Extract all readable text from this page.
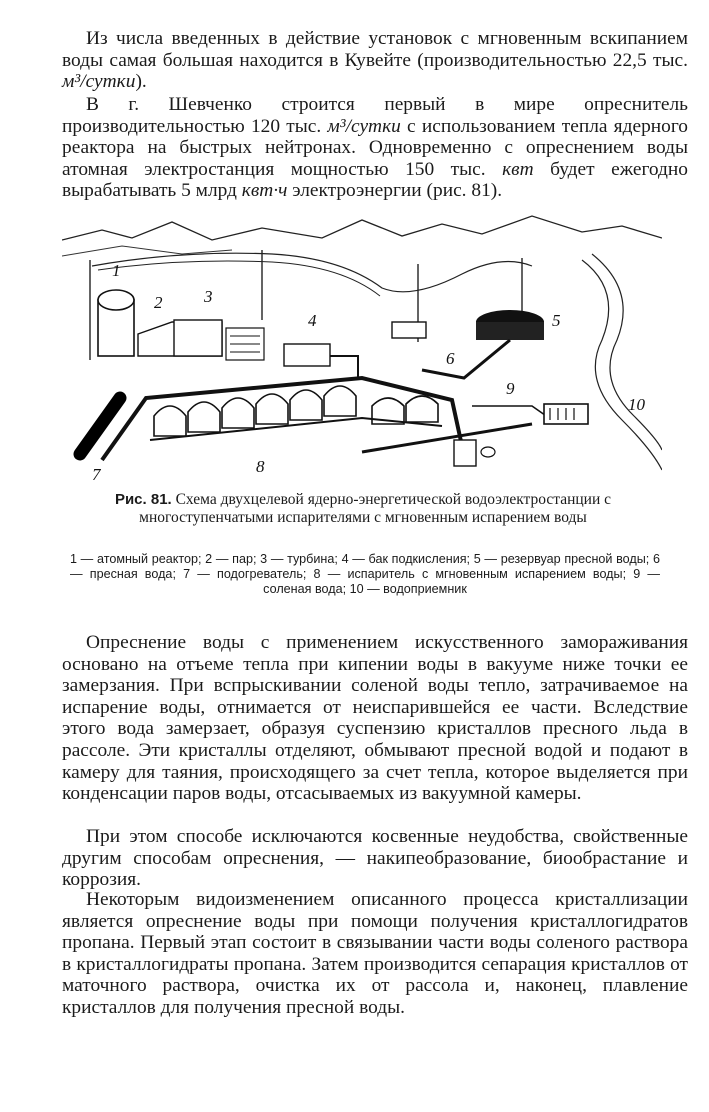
Из числа введенных в действие установок с мгновенным вскипанием воды самая большая находится в Кувейте (производительностью 22,5 тыс. м³/сутки).

В г. Шевченко строится первый в мире опреснитель производительностью 120 тыс. м³/сутки с использованием тепла ядерного реактора на быстрых нейтронах. Одновременно с опреснением воды атомная электростанция мощностью 150 тыс. квт будет ежегодно вырабатывать 5 млрд квт·ч электроэнергии (рис. 81).

1
2 3
4	5
6
7	8
9
10

Рис. 81. Схема двухцелевой ядерно-энергетической водоэлектростанции с многоступенчатыми испарителями с мгновенным испарением воды

1 — атомный реактор; 2 — пар; 3 — турбина; 4 — бак подкисления; 5 — резервуар пресной воды; 6 — пресная вода; 7 — подогреватель; 8 — испаритель с мгновенным испарением воды; 9 — соленая вода; 10 — водоприемник

Опреснение воды с применением искусственного замораживания основано на отъеме тепла при кипении воды в вакууме ниже точки ее замерзания. При вспрыскивании соленой воды тепло, затрачиваемое на испарение воды, отнимается от неиспарившейся ее части. Вследствие этого вода замерзает, образуя суспензию кристаллов пресного льда в рассоле. Эти кристаллы отделяют, обмывают пресной водой и подают в камеру для таяния, происходящего за счет тепла, которое выделяется при конденсации паров воды, отсасываемых из вакуумной камеры.

При этом способе исключаются косвенные неудобства, свойственные другим способам опреснения, — накипеобразование, биообрастание и коррозия.

Некоторым видоизменением описанного процесса кристаллизации является опреснение воды при помощи получения кристаллогидратов пропана. Первый этап состоит в связывании части воды соленого раствора в кристаллогидраты пропана. Затем производится сепарация кристаллов от маточного раствора, очистка их от рассола и, наконец, плавление кристаллов для получения пресной воды.
